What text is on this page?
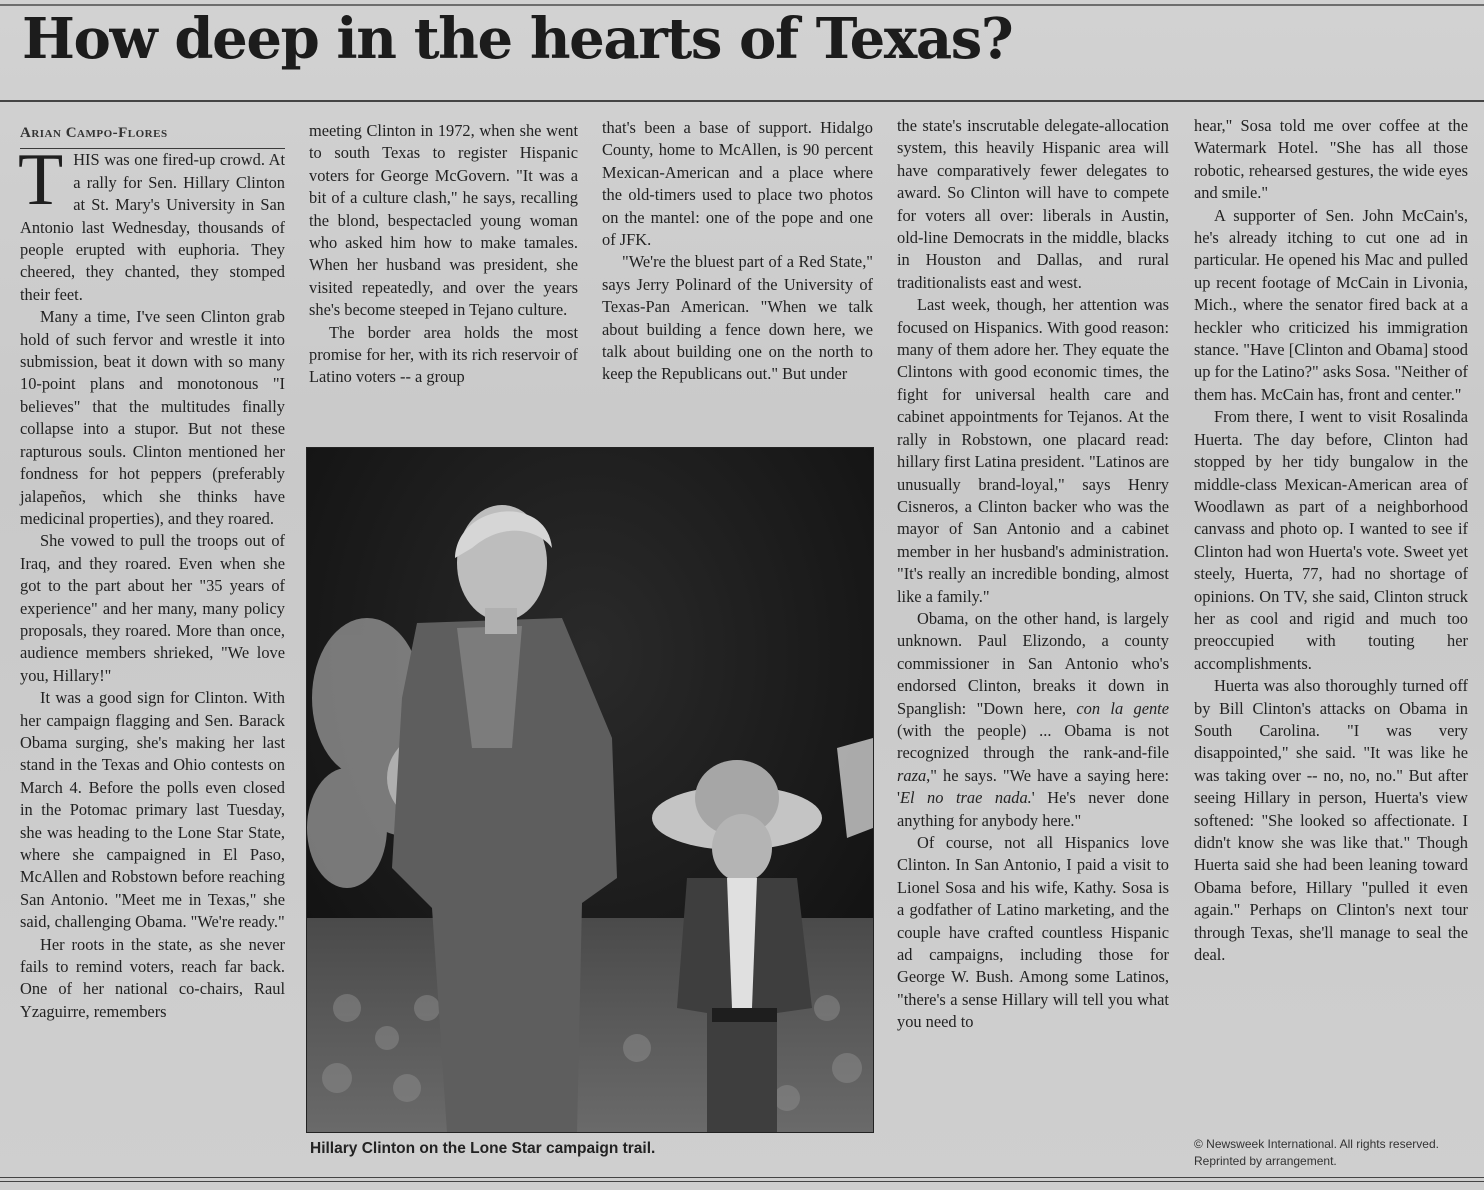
How deep in the hearts of Texas?

Arian Campo-Flores

THIS was one fired-up crowd. At a rally for Sen. Hillary Clinton at St. Mary's University in San Antonio last Wednesday, thousands of people erupted with euphoria. They cheered, they chanted, they stomped their feet.

Many a time, I've seen Clinton grab hold of such fervor and wrestle it into submission, beat it down with so many 10-point plans and monotonous "I believes" that the multitudes finally collapse into a stupor. But not these rapturous souls. Clinton mentioned her fondness for hot peppers (preferably jalapeños, which she thinks have medicinal properties), and they roared.

She vowed to pull the troops out of Iraq, and they roared. Even when she got to the part about her "35 years of experience" and her many, many policy proposals, they roared. More than once, audience members shrieked, "We love you, Hillary!"

It was a good sign for Clinton. With her campaign flagging and Sen. Barack Obama surging, she's making her last stand in the Texas and Ohio contests on March 4. Before the polls even closed in the Potomac primary last Tuesday, she was heading to the Lone Star State, where she campaigned in El Paso, McAllen and Robstown before reaching San Antonio. "Meet me in Texas," she said, challenging Obama. "We're ready."

Her roots in the state, as she never fails to remind voters, reach far back. One of her national co-chairs, Raul Yzaguirre, remembers

meeting Clinton in 1972, when she went to south Texas to register Hispanic voters for George McGovern. "It was a bit of a culture clash," he says, recalling the blond, bespectacled young woman who asked him how to make tamales. When her husband was president, she visited repeatedly, and over the years she's become steeped in Tejano culture.

The border area holds the most promise for her, with its rich reservoir of Latino voters -- a group

that's been a base of support. Hidalgo County, home to McAllen, is 90 percent Mexican-American and a place where the old-timers used to place two photos on the mantel: one of the pope and one of JFK.

"We're the bluest part of a Red State," says Jerry Polinard of the University of Texas-Pan American. "When we talk about building a fence down here, we talk about building one on the north to keep the Republicans out." But under

Hillary Clinton on the Lone Star campaign trail.

the state's inscrutable delegate-allocation system, this heavily Hispanic area will have comparatively fewer delegates to award. So Clinton will have to compete for voters all over: liberals in Austin, old-line Democrats in the middle, blacks in Houston and Dallas, and rural traditionalists east and west.

Last week, though, her attention was focused on Hispanics. With good reason: many of them adore her. They equate the Clintons with good economic times, the fight for universal health care and cabinet appointments for Tejanos. At the rally in Robstown, one placard read: hillary first Latina president. "Latinos are unusually brand-loyal," says Henry Cisneros, a Clinton backer who was the mayor of San Antonio and a cabinet member in her husband's administration. "It's really an incredible bonding, almost like a family."

Obama, on the other hand, is largely unknown. Paul Elizondo, a county commissioner in San Antonio who's endorsed Clinton, breaks it down in Spanglish: "Down here, con la gente (with the people) ... Obama is not recognized through the rank-and-file raza," he says. "We have a saying here: 'El no trae nada.' He's never done anything for anybody here."

Of course, not all Hispanics love Clinton. In San Antonio, I paid a visit to Lionel Sosa and his wife, Kathy. Sosa is a godfather of Latino marketing, and the couple have crafted countless Hispanic ad campaigns, including those for George W. Bush. Among some Latinos, "there's a sense Hillary will tell you what you need to

hear," Sosa told me over coffee at the Watermark Hotel. "She has all those robotic, rehearsed gestures, the wide eyes and smile."

A supporter of Sen. John McCain's, he's already itching to cut one ad in particular. He opened his Mac and pulled up recent footage of McCain in Livonia, Mich., where the senator fired back at a heckler who criticized his immigration stance. "Have [Clinton and Obama] stood up for the Latino?" asks Sosa. "Neither of them has. McCain has, front and center."

From there, I went to visit Rosalinda Huerta. The day before, Clinton had stopped by her tidy bungalow in the middle-class Mexican-American area of Woodlawn as part of a neighborhood canvass and photo op. I wanted to see if Clinton had won Huerta's vote. Sweet yet steely, Huerta, 77, had no shortage of opinions. On TV, she said, Clinton struck her as cool and rigid and much too preoccupied with touting her accomplishments.

Huerta was also thoroughly turned off by Bill Clinton's attacks on Obama in South Carolina. "I was very disappointed," she said. "It was like he was taking over -- no, no, no." But after seeing Hillary in person, Huerta's view softened: "She looked so affectionate. I didn't know she was like that." Though Huerta said she had been leaning toward Obama before, Hillary "pulled it even again." Perhaps on Clinton's next tour through Texas, she'll manage to seal the deal.

© Newsweek International. All rights reserved.
Reprinted by arrangement.
